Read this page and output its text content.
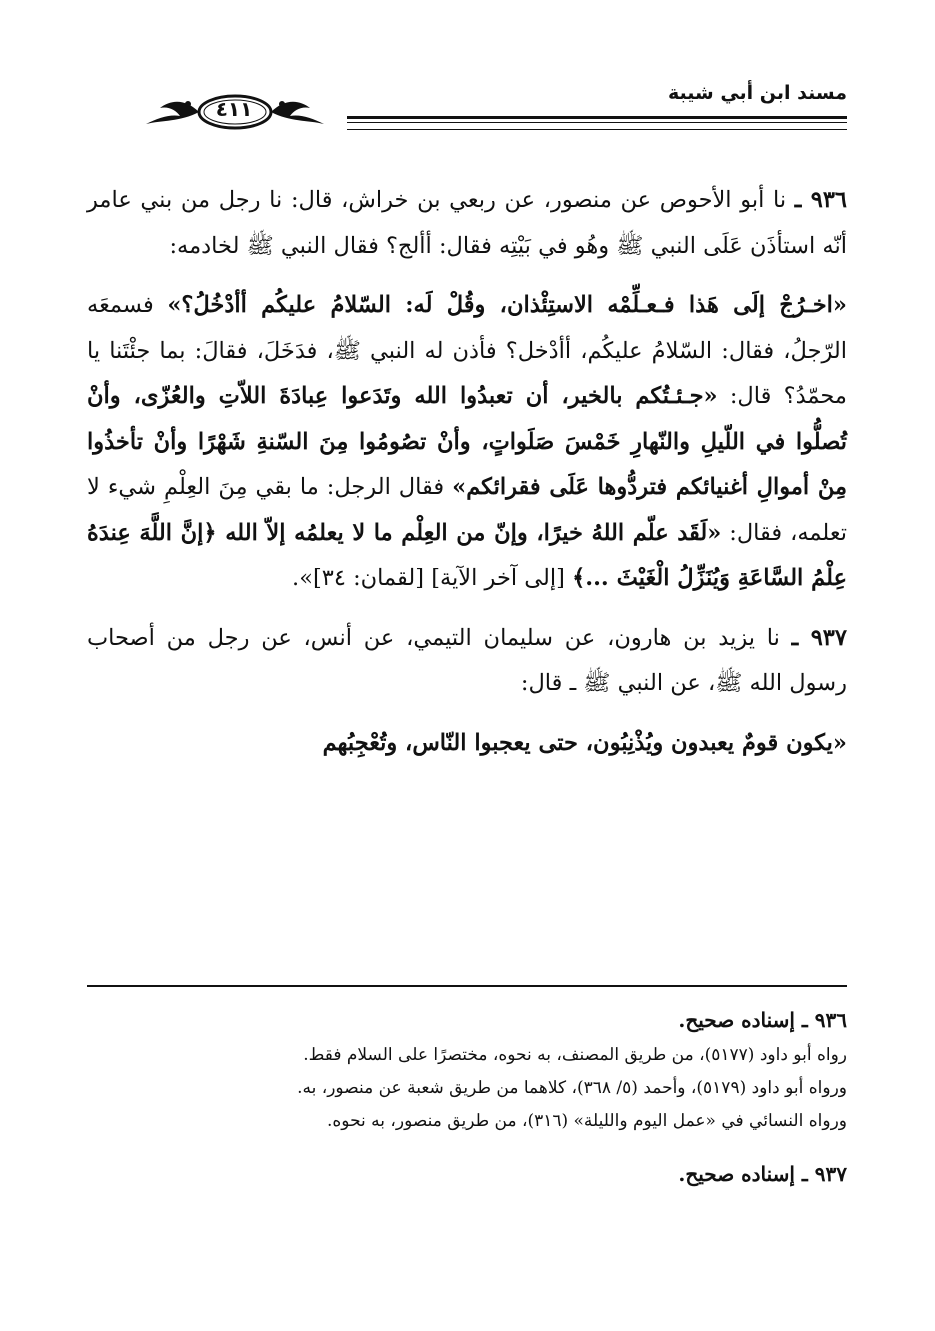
مسند ابن أبي شيبة
٤١١

٩٣٦ ـ نا أبو الأحوص عن منصور، عن ربعي بن خراش، قال: نا رجل من بني عامر أنّه استأذَن عَلَى النبي ﷺ وهُو في بَيْتِه فقال: أألج؟ فقال النبي ﷺ لخادمه:

«اخـرُجْ إلَى هَذا فـعـلِّمْه الاستِئْذان، وقُلْ لَه: السّلامُ عليكُم أأدْخُلُ؟» فسمعَه الرّجلُ، فقال: السّلامُ عليكُم، أأدْخل؟ فأذن له النبي ﷺ، فدَخَلَ، فقالَ: بما جئْتَنا يا محمّدُ؟ قال: «جـئـتُكم بالخير، أن تعبدُوا الله وتَدَعوا عِبادَةَ اللاّتِ والعُزّى، وأنْ تُصلُّوا في اللّيلِ والنّهارِ خَمْسَ صَلَواتٍ، وأنْ تصُومُوا مِنَ السّنةِ شَهْرًا وأنْ تأخذُوا مِنْ أموالِ أغنيائكم فتردُّوها عَلَى فقرائكم» فقال الرجل: ما بقي مِنَ العِلْمِ شيء لا تعلمه، فقال: «لَقَد علّم اللهُ خيرًا، وإنّ من العِلْم ما لا يعلمُه إلاّ الله ﴿إنَّ اللَّهَ عِندَهُ عِلْمُ السَّاعَةِ وَيُنَزِّلُ الْغَيْثَ ...﴾ [إلى آخر الآية] [لقمان: ٣٤]».

٩٣٧ ـ نا يزيد بن هارون، عن سليمان التيمي، عن أنس، عن رجل من أصحاب رسول الله ﷺ، عن النبي ﷺ ـ قال:

«يكون قومٌ يعبدون ويُذْنِبُون، حتى يعجبوا النّاس، وتُعْجِبُهم

٩٣٦ ـ إسناده صحيح.

رواه أبو داود (٥١٧٧)، من طريق المصنف، به نحوه، مختصرًا على السلام فقط.

ورواه أبو داود (٥١٧٩)، وأحمد (٥/ ٣٦٨)، كلاهما من طريق شعبة عن منصور، به.

ورواه النسائي في «عمل اليوم والليلة» (٣١٦)، من طريق منصور، به نحوه.

٩٣٧ ـ إسناده صحيح.
